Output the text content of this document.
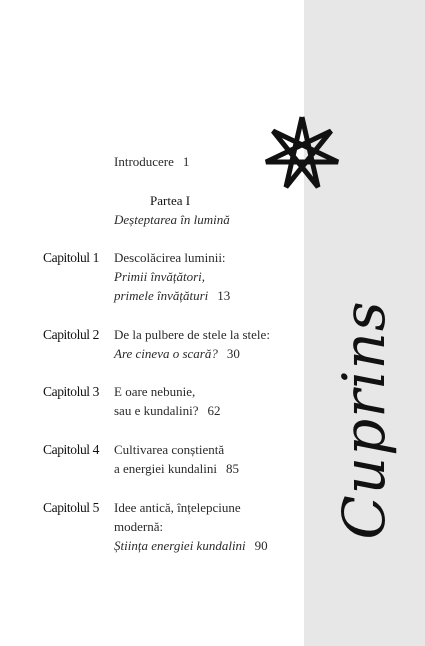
Cuprins
Introducere 1
Partea I
Deșteptarea în lumină
Capitolul 1 Descolăcirea luminii:
Primii învățători,
primele învățături 13
Capitolul 2 De la pulbere de stele la stele:
Are cineva o scară? 30
Capitolul 3 E oare nebunie,
sau e kundalini? 62
Capitolul 4 Cultivarea conștientă
a energiei kundalini 85
Capitolul 5 Idee antică, înțelepciune
modernă:
Știința energiei kundalini 90
